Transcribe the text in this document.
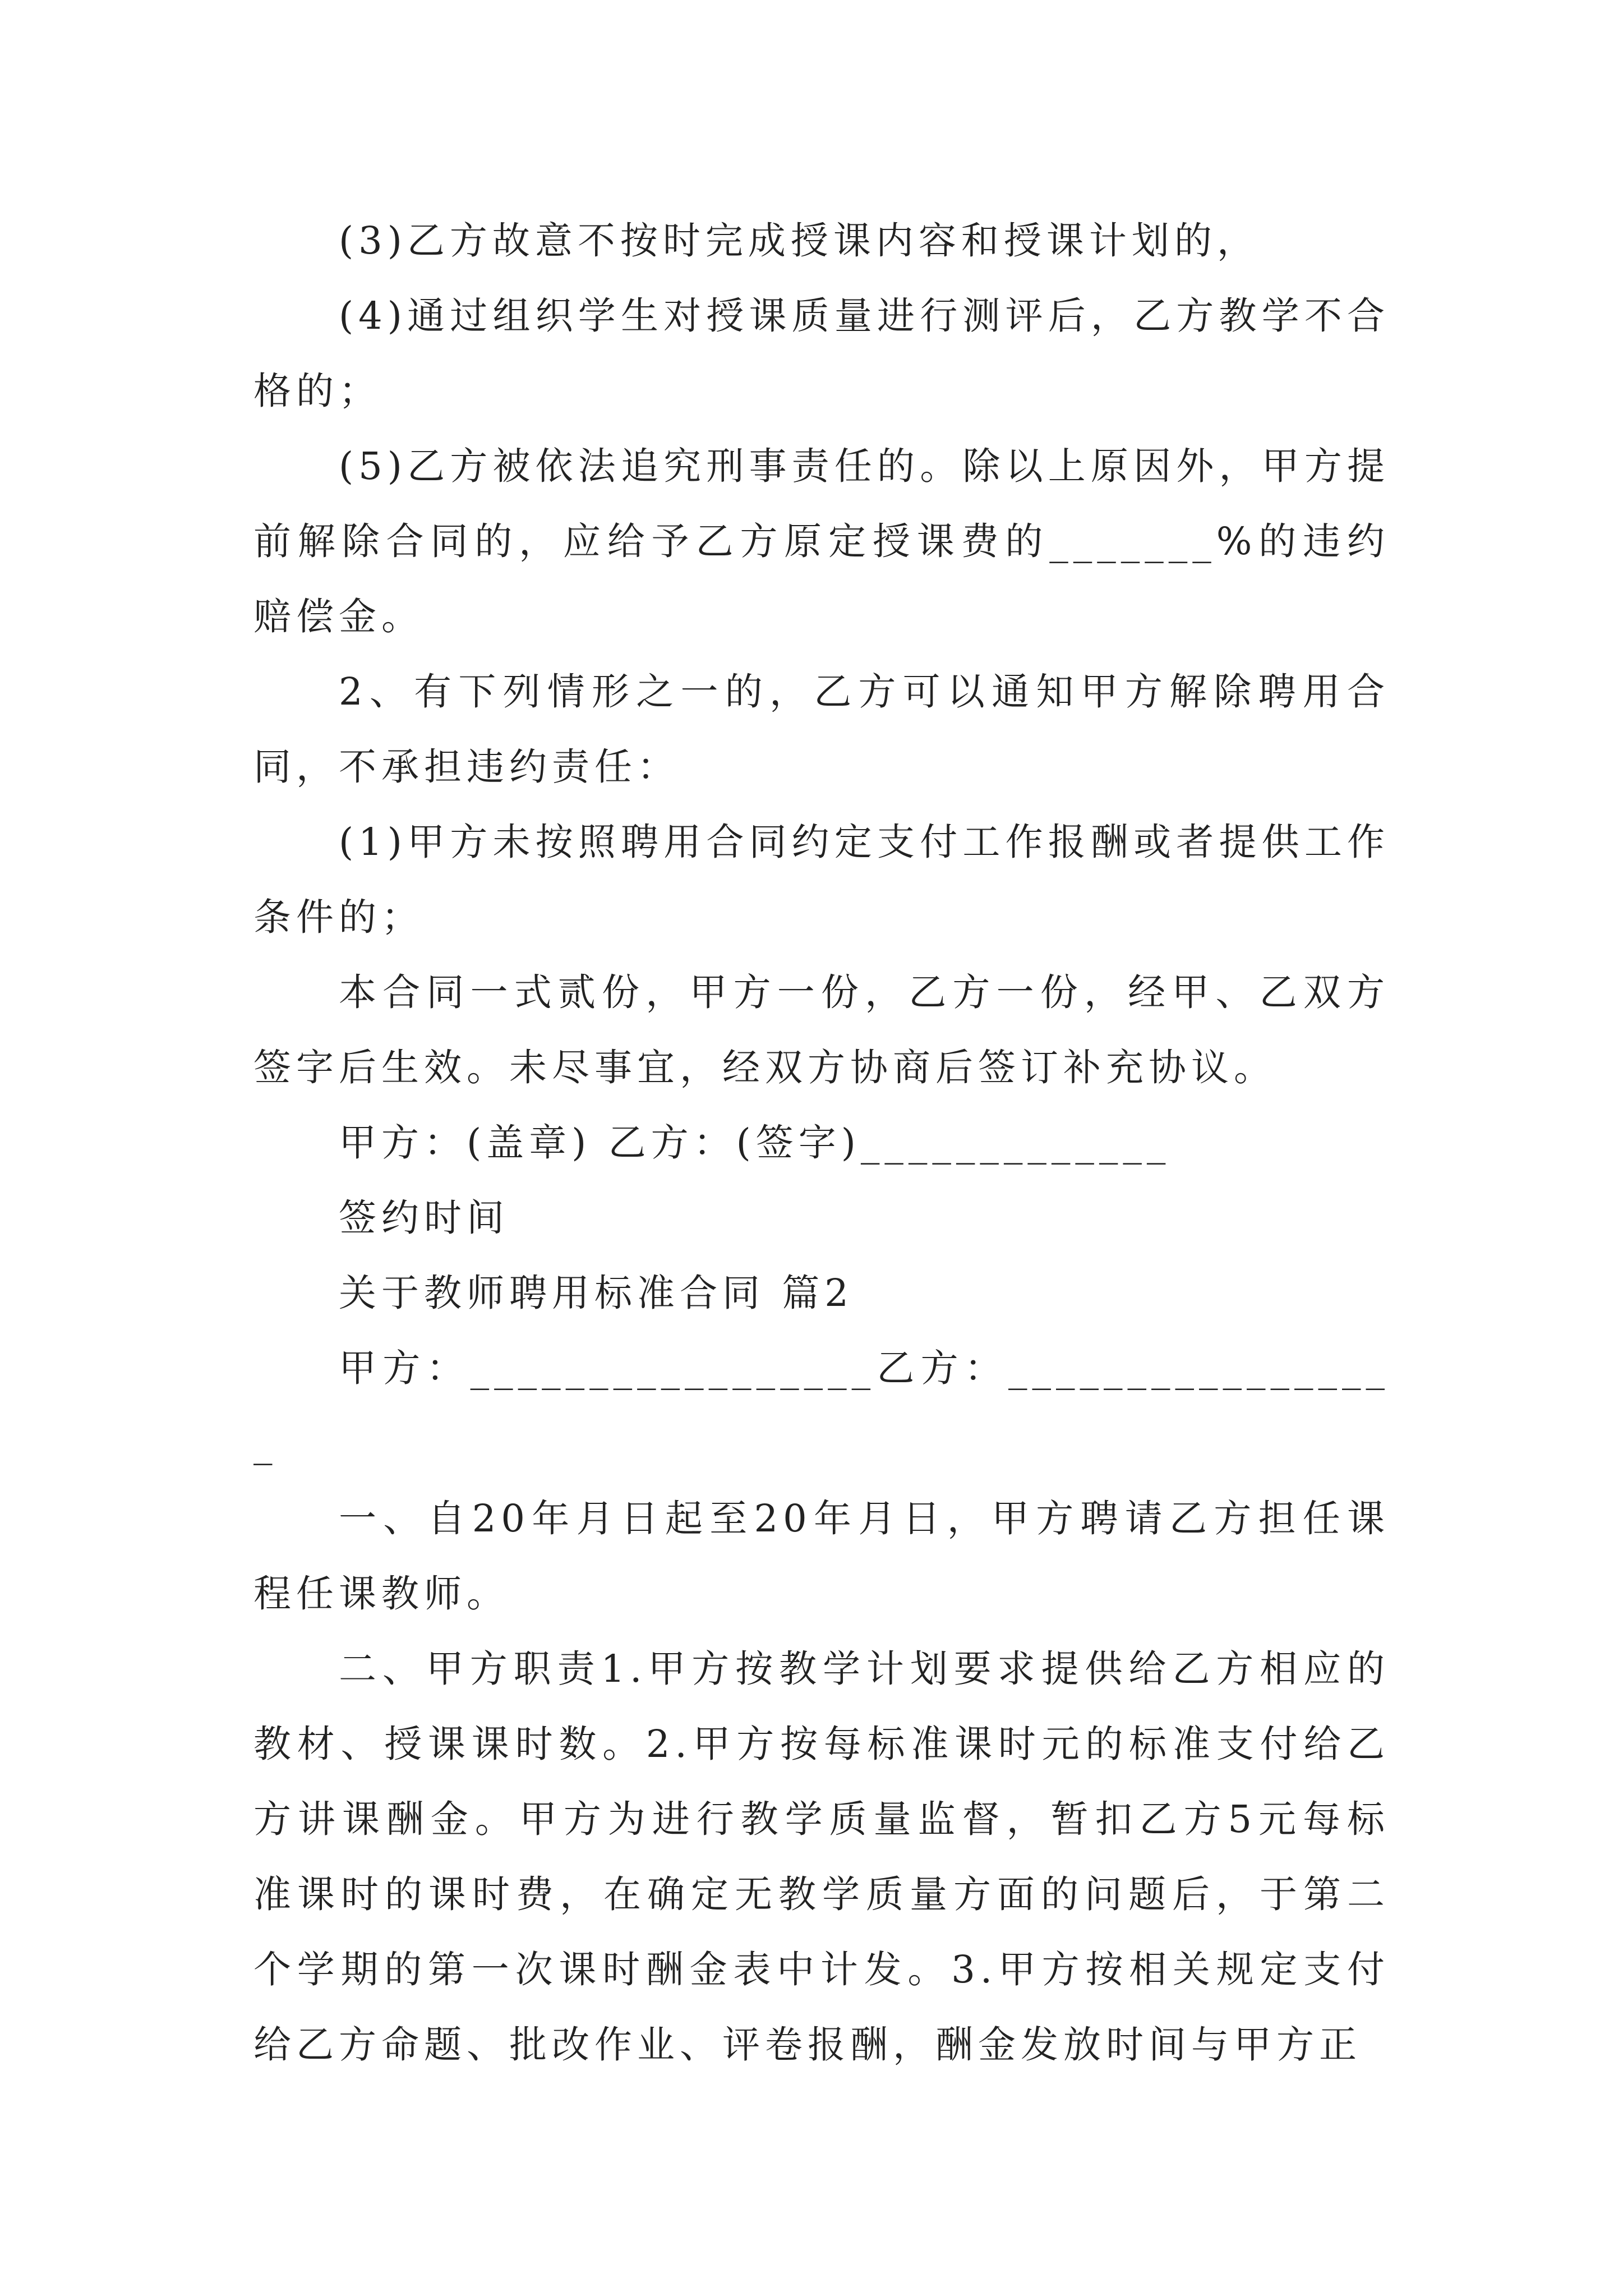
(3)乙方故意不按时完成授课内容和授课计划的，

(4)通过组织学生对授课质量进行测评后，乙方教学不合格的；

(5)乙方被依法追究刑事责任的。除以上原因外，甲方提前解除合同的，应给予乙方原定授课费的_______%的违约赔偿金。

2、有下列情形之一的，乙方可以通知甲方解除聘用合同，不承担违约责任：

(1)甲方未按照聘用合同约定支付工作报酬或者提供工作条件的；

本合同一式贰份，甲方一份，乙方一份，经甲、乙双方签字后生效。未尽事宜，经双方协商后签订补充协议。

甲方：(盖章) 乙方：(签字)_____________

签约时间

关于教师聘用标准合同 篇2

甲方：_________________乙方：_________________

一、自20年月日起至20年月日，甲方聘请乙方担任课程任课教师。

二、甲方职责1.甲方按教学计划要求提供给乙方相应的教材、授课课时数。2.甲方按每标准课时元的标准支付给乙方讲课酬金。甲方为进行教学质量监督，暂扣乙方5元每标准课时的课时费，在确定无教学质量方面的问题后，于第二个学期的第一次课时酬金表中计发。3.甲方按相关规定支付给乙方命题、批改作业、评卷报酬，酬金发放时间与甲方正
